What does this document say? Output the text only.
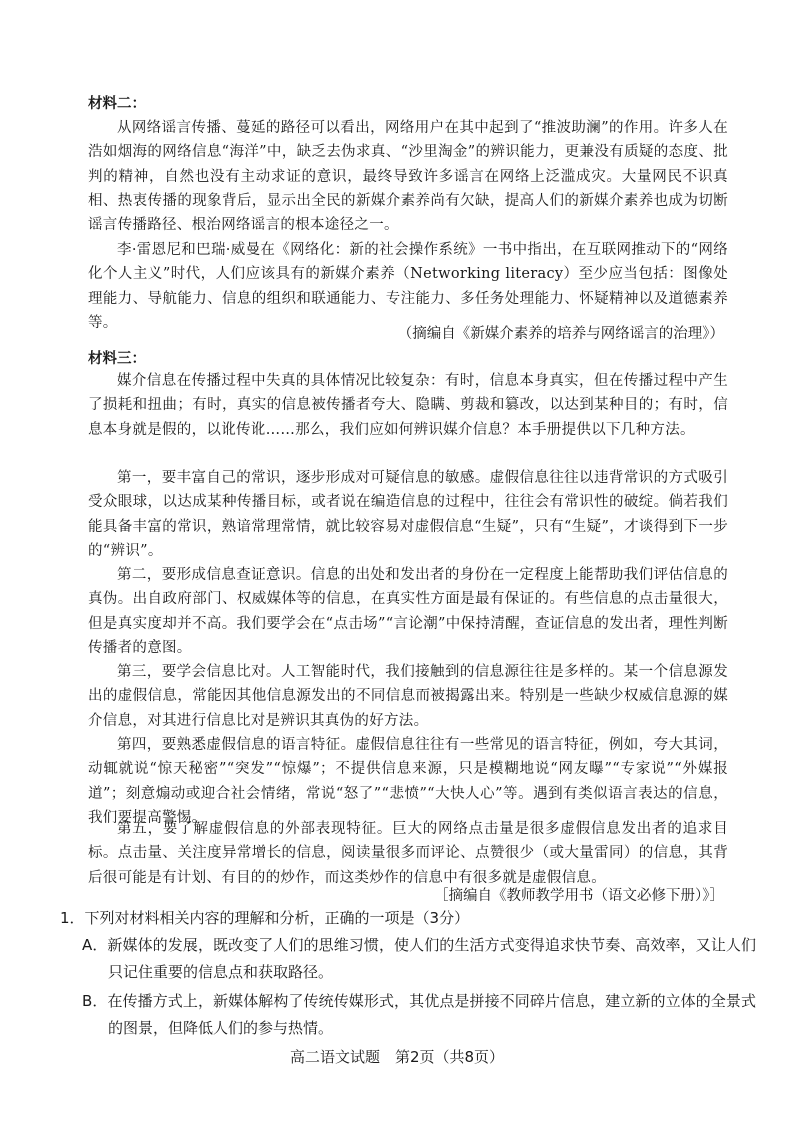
材料二：

从网络谣言传播、蔓延的路径可以看出，网络用户在其中起到了“推波助澜”的作用。许多人在浩如烟海的网络信息“海洋”中，缺乏去伪求真、“沙里淘金”的辨识能力，更兼没有质疑的态度、批判的精神，自然也没有主动求证的意识，最终导致许多谣言在网络上泛滥成灾。大量网民不识真相、热衷传播的现象背后，显示出全民的新媒介素养尚有欠缺，提高人们的新媒介素养也成为切断谣言传播路径、根治网络谣言的根本途径之一。

李·雷恩尼和巴瑞·威曼在《网络化：新的社会操作系统》一书中指出，在互联网推动下的“网络化个人主义”时代，人们应该具有的新媒介素养（Networking literacy）至少应当包括：图像处理能力、导航能力、信息的组织和联通能力、专注能力、多任务处理能力、怀疑精神以及道德素养等。

（摘编自《新媒介素养的培养与网络谣言的治理》）
材料三：

媒介信息在传播过程中失真的具体情况比较复杂：有时，信息本身真实，但在传播过程中产生了损耗和扭曲；有时，真实的信息被传播者夸大、隐瞒、剪裁和篡改，以达到某种目的；有时，信息本身就是假的，以讹传讹……那么，我们应如何辨识媒介信息？本手册提供以下几种方法。

第一，要丰富自己的常识，逐步形成对可疑信息的敏感。虚假信息往往以违背常识的方式吸引受众眼球，以达成某种传播目标，或者说在编造信息的过程中，往往会有常识性的破绽。倘若我们能具备丰富的常识，熟谙常理常情，就比较容易对虚假信息“生疑”，只有“生疑”，才谈得到下一步的“辨识”。

第二，要形成信息查证意识。信息的出处和发出者的身份在一定程度上能帮助我们评估信息的真伪。出自政府部门、权威媒体等的信息，在真实性方面是最有保证的。有些信息的点击量很大，但是真实度却并不高。我们要学会在“点击场”“言论潮”中保持清醒，查证信息的发出者，理性判断传播者的意图。

第三，要学会信息比对。人工智能时代，我们接触到的信息源往往是多样的。某一个信息源发出的虚假信息，常能因其他信息源发出的不同信息而被揭露出来。特别是一些缺少权威信息源的媒介信息，对其进行信息比对是辨识其真伪的好方法。

第四，要熟悉虚假信息的语言特征。虚假信息往往有一些常见的语言特征，例如，夸大其词，动辄就说“惊天秘密”“突发”“惊爆”；不提供信息来源，只是模糊地说“网友曝”“专家说”“外媒报道”；刻意煽动或迎合社会情绪，常说“怒了”“悲愤”“大快人心”等。遇到有类似语言表达的信息，我们要提高警惕。

第五，要了解虚假信息的外部表现特征。巨大的网络点击量是很多虚假信息发出者的追求目标。点击量、关注度异常增长的信息，阅读量很多而评论、点赞很少（或大量雷同）的信息，其背后很可能是有计划、有目的的炒作，而这类炒作的信息中有很多就是虚假信息。

［摘编自《教师教学用书（语文必修下册）》］
1．下列对材料相关内容的理解和分析，正确的一项是（3分）
A．新媒体的发展，既改变了人们的思维习惯，使人们的生活方式变得追求快节奏、高效率，又让人们只记住重要的信息点和获取路径。
B．在传播方式上，新媒体解构了传统传媒形式，其优点是拼接不同碎片信息，建立新的立体的全景式的图景，但降低人们的参与热情。
高二语文试题　第2页（共8页）
